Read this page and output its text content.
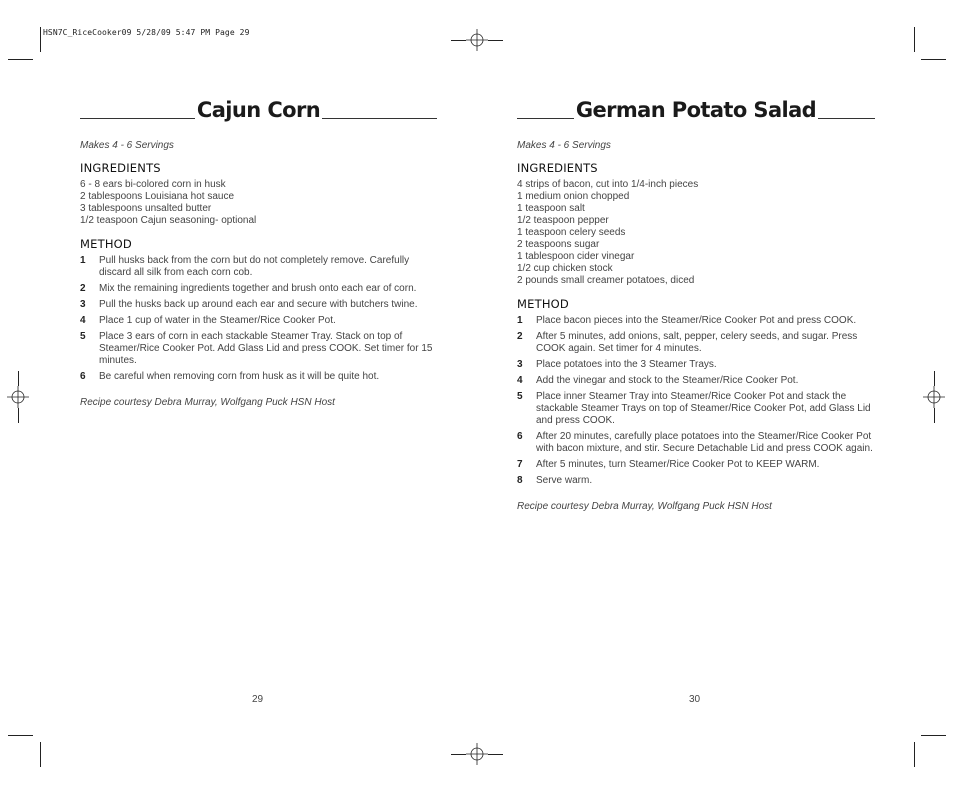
HSN7C_RiceCooker09 5/28/09 5:47 PM Page 29
Cajun Corn
Makes 4 - 6 Servings
INGREDIENTS
6 - 8 ears bi-colored corn in husk
2 tablespoons Louisiana hot sauce
3 tablespoons unsalted butter
1/2 teaspoon Cajun seasoning- optional
METHOD
1	Pull husks back from the corn but do not completely remove. Carefully discard all silk from each corn cob.
2	Mix the remaining ingredients together and brush onto each ear of corn.
3	Pull the husks back up around each ear and secure with butchers twine.
4	Place 1 cup of water in the Steamer/Rice Cooker Pot.
5	Place 3 ears of corn in each stackable Steamer Tray. Stack on top of Steamer/Rice Cooker Pot. Add Glass Lid and press COOK. Set timer for 15 minutes.
6	Be careful when removing corn from husk as it will be quite hot.
Recipe courtesy Debra Murray, Wolfgang Puck HSN Host
29
German Potato Salad
Makes 4 - 6 Servings
INGREDIENTS
4 strips of bacon, cut into 1/4-inch pieces
1 medium onion chopped
1 teaspoon salt
1/2 teaspoon pepper
1 teaspoon celery seeds
2 teaspoons sugar
1 tablespoon cider vinegar
1/2 cup chicken stock
2 pounds small creamer potatoes, diced
METHOD
1	Place bacon pieces into the Steamer/Rice Cooker Pot and press COOK.
2	After 5 minutes, add onions, salt, pepper, celery seeds, and sugar. Press COOK again. Set timer for 4 minutes.
3	Place potatoes into the 3 Steamer Trays.
4	Add the vinegar and stock to the Steamer/Rice Cooker Pot.
5	Place inner Steamer Tray into Steamer/Rice Cooker Pot and stack the stackable Steamer Trays on top of Steamer/Rice Cooker Pot, add Glass Lid and press COOK.
6	After 20 minutes, carefully place potatoes into the Steamer/Rice Cooker Pot with bacon mixture, and stir. Secure Detachable Lid and press COOK again.
7	After 5 minutes, turn Steamer/Rice Cooker Pot to KEEP WARM.
8	Serve warm.
Recipe courtesy Debra Murray, Wolfgang Puck HSN Host
30
